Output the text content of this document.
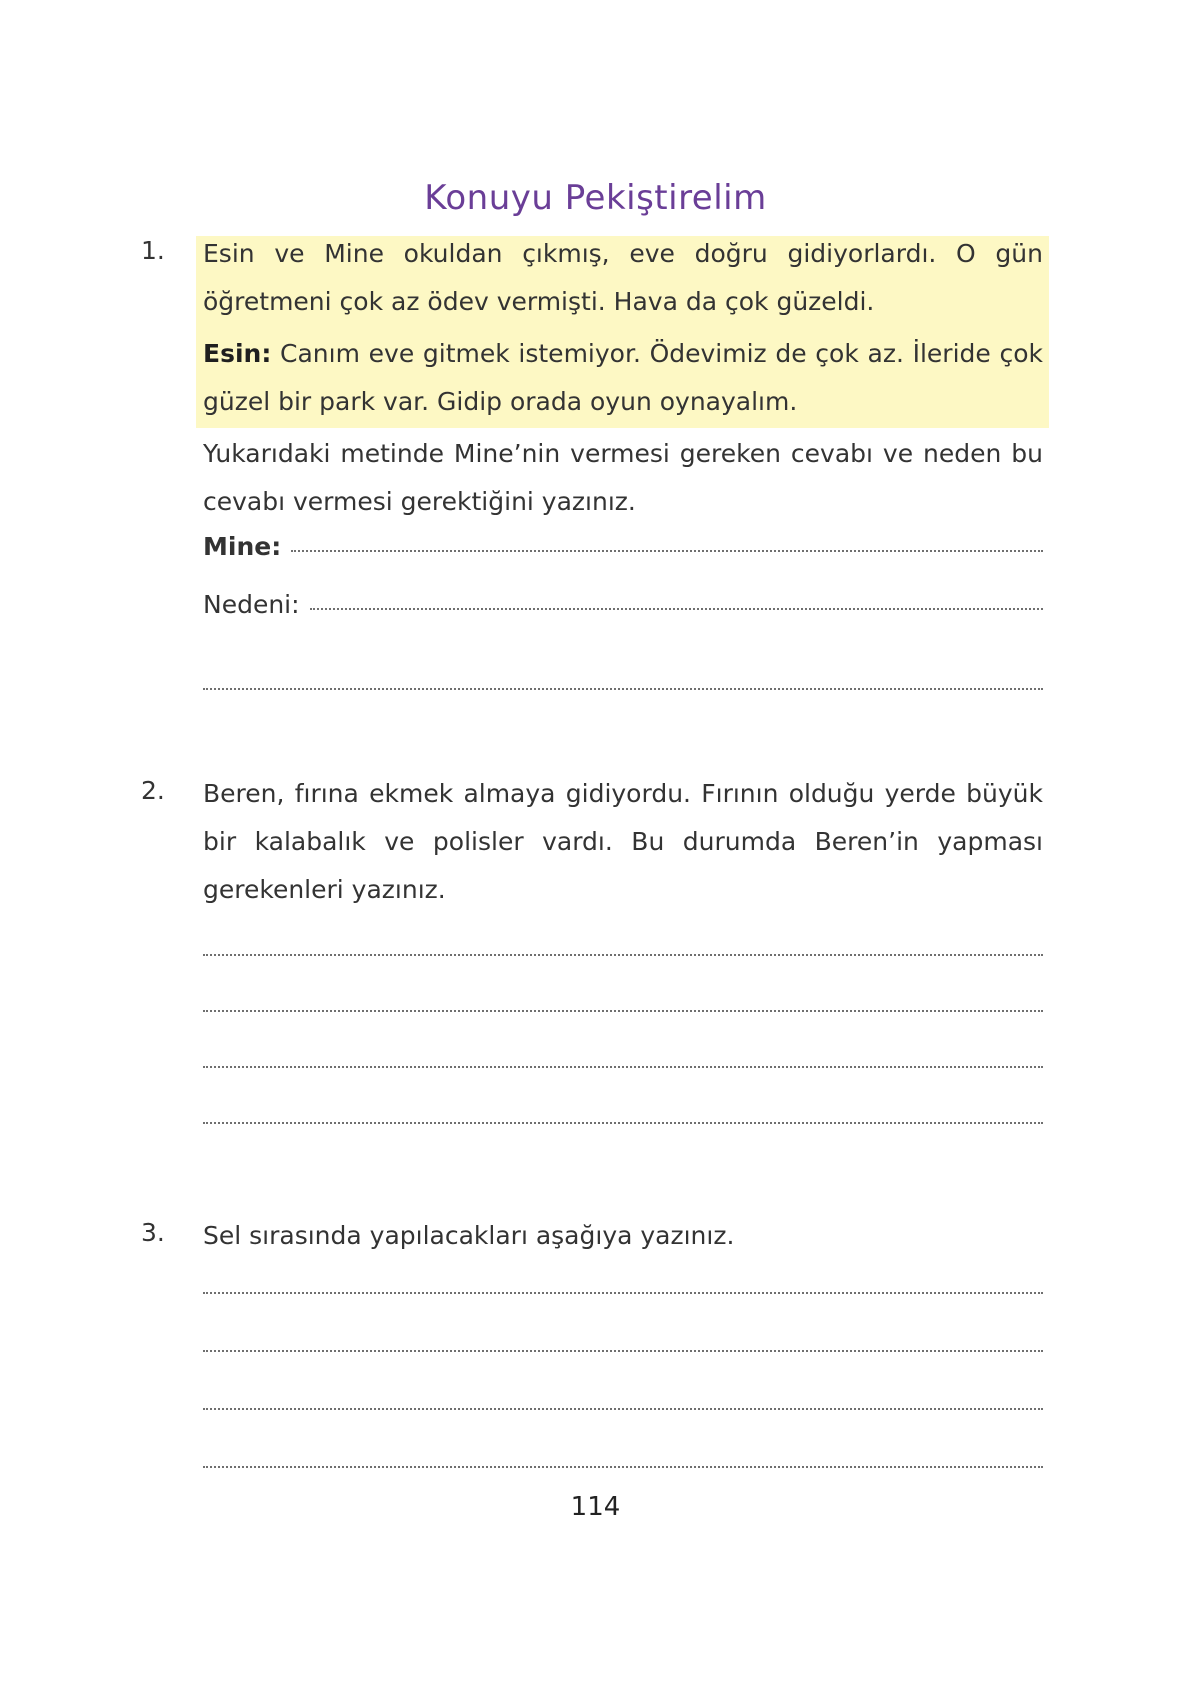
Konuyu Pekiştirelim
1. Esin ve Mine okuldan çıkmış, eve doğru gidiyorlardı. O gün öğretmeni çok az ödev vermişti. Hava da çok güzeldi.
Esin: Canım eve gitmek istemiyor. Ödevimiz de çok az. İleride çok güzel bir park var. Gidip orada oyun oynayalım.
Yukarıdaki metinde Mine’nin vermesi gereken cevabı ve neden bu cevabı vermesi gerektiğini yazınız.
Mine:
Nedeni:
2. Beren, fırına ekmek almaya gidiyordu. Fırının olduğu yerde büyük bir kalabalık ve polisler vardı. Bu durumda Beren’in yapması gerekenleri yazınız.
3. Sel sırasında yapılacakları aşağıya yazınız.
114
